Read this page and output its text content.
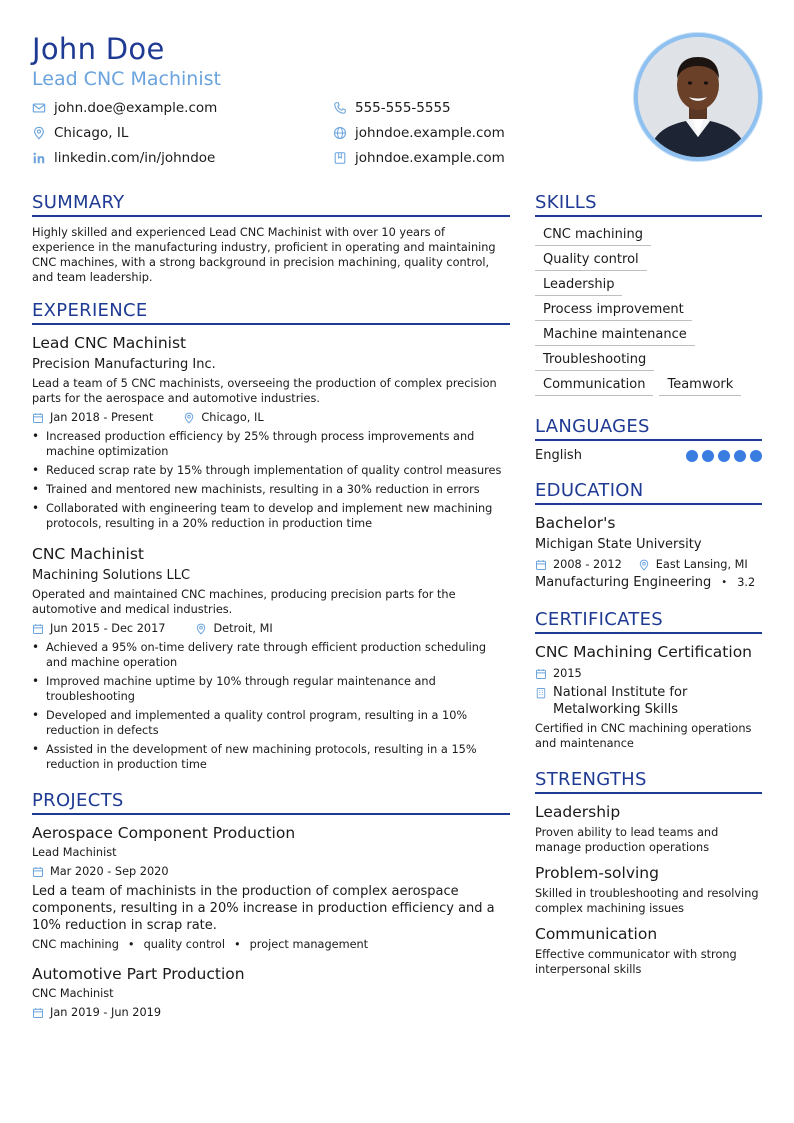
John Doe
Lead CNC Machinist
john.doe@example.com	555-555-5555
Chicago, IL	johndoe.example.com
linkedin.com/in/johndoe	johndoe.example.com
SUMMARY
Highly skilled and experienced Lead CNC Machinist with over 10 years of experience in the manufacturing industry, proficient in operating and maintaining CNC machines, with a strong background in precision machining, quality control, and team leadership.
EXPERIENCE
Lead CNC Machinist
Precision Manufacturing Inc.
Lead a team of 5 CNC machinists, overseeing the production of complex precision parts for the aerospace and automotive industries.
Jan 2018 - Present	Chicago, IL
• Increased production efficiency by 25% through process improvements and machine optimization
• Reduced scrap rate by 15% through implementation of quality control measures
• Trained and mentored new machinists, resulting in a 30% reduction in errors
• Collaborated with engineering team to develop and implement new machining protocols, resulting in a 20% reduction in production time
CNC Machinist
Machining Solutions LLC
Operated and maintained CNC machines, producing precision parts for the automotive and medical industries.
Jun 2015 - Dec 2017	Detroit, MI
• Achieved a 95% on-time delivery rate through efficient production scheduling and machine operation
• Improved machine uptime by 10% through regular maintenance and troubleshooting
• Developed and implemented a quality control program, resulting in a 10% reduction in defects
• Assisted in the development of new machining protocols, resulting in a 15% reduction in production time
PROJECTS
Aerospace Component Production
Lead Machinist
Mar 2020 - Sep 2020
Led a team of machinists in the production of complex aerospace components, resulting in a 20% increase in production efficiency and a 10% reduction in scrap rate.
CNC machining • quality control • project management
Automotive Part Production
CNC Machinist
Jan 2019 - Jun 2019
SKILLS
CNC machining
Quality control
Leadership
Process improvement
Machine maintenance
Troubleshooting
Communication	Teamwork
LANGUAGES
English
EDUCATION
Bachelor's
Michigan State University
2008 - 2012	East Lansing, MI
Manufacturing Engineering • 3.2
CERTIFICATES
CNC Machining Certification
2015
National Institute for Metalworking Skills
Certified in CNC machining operations and maintenance
STRENGTHS
Leadership
Proven ability to lead teams and manage production operations
Problem-solving
Skilled in troubleshooting and resolving complex machining issues
Communication
Effective communicator with strong interpersonal skills
